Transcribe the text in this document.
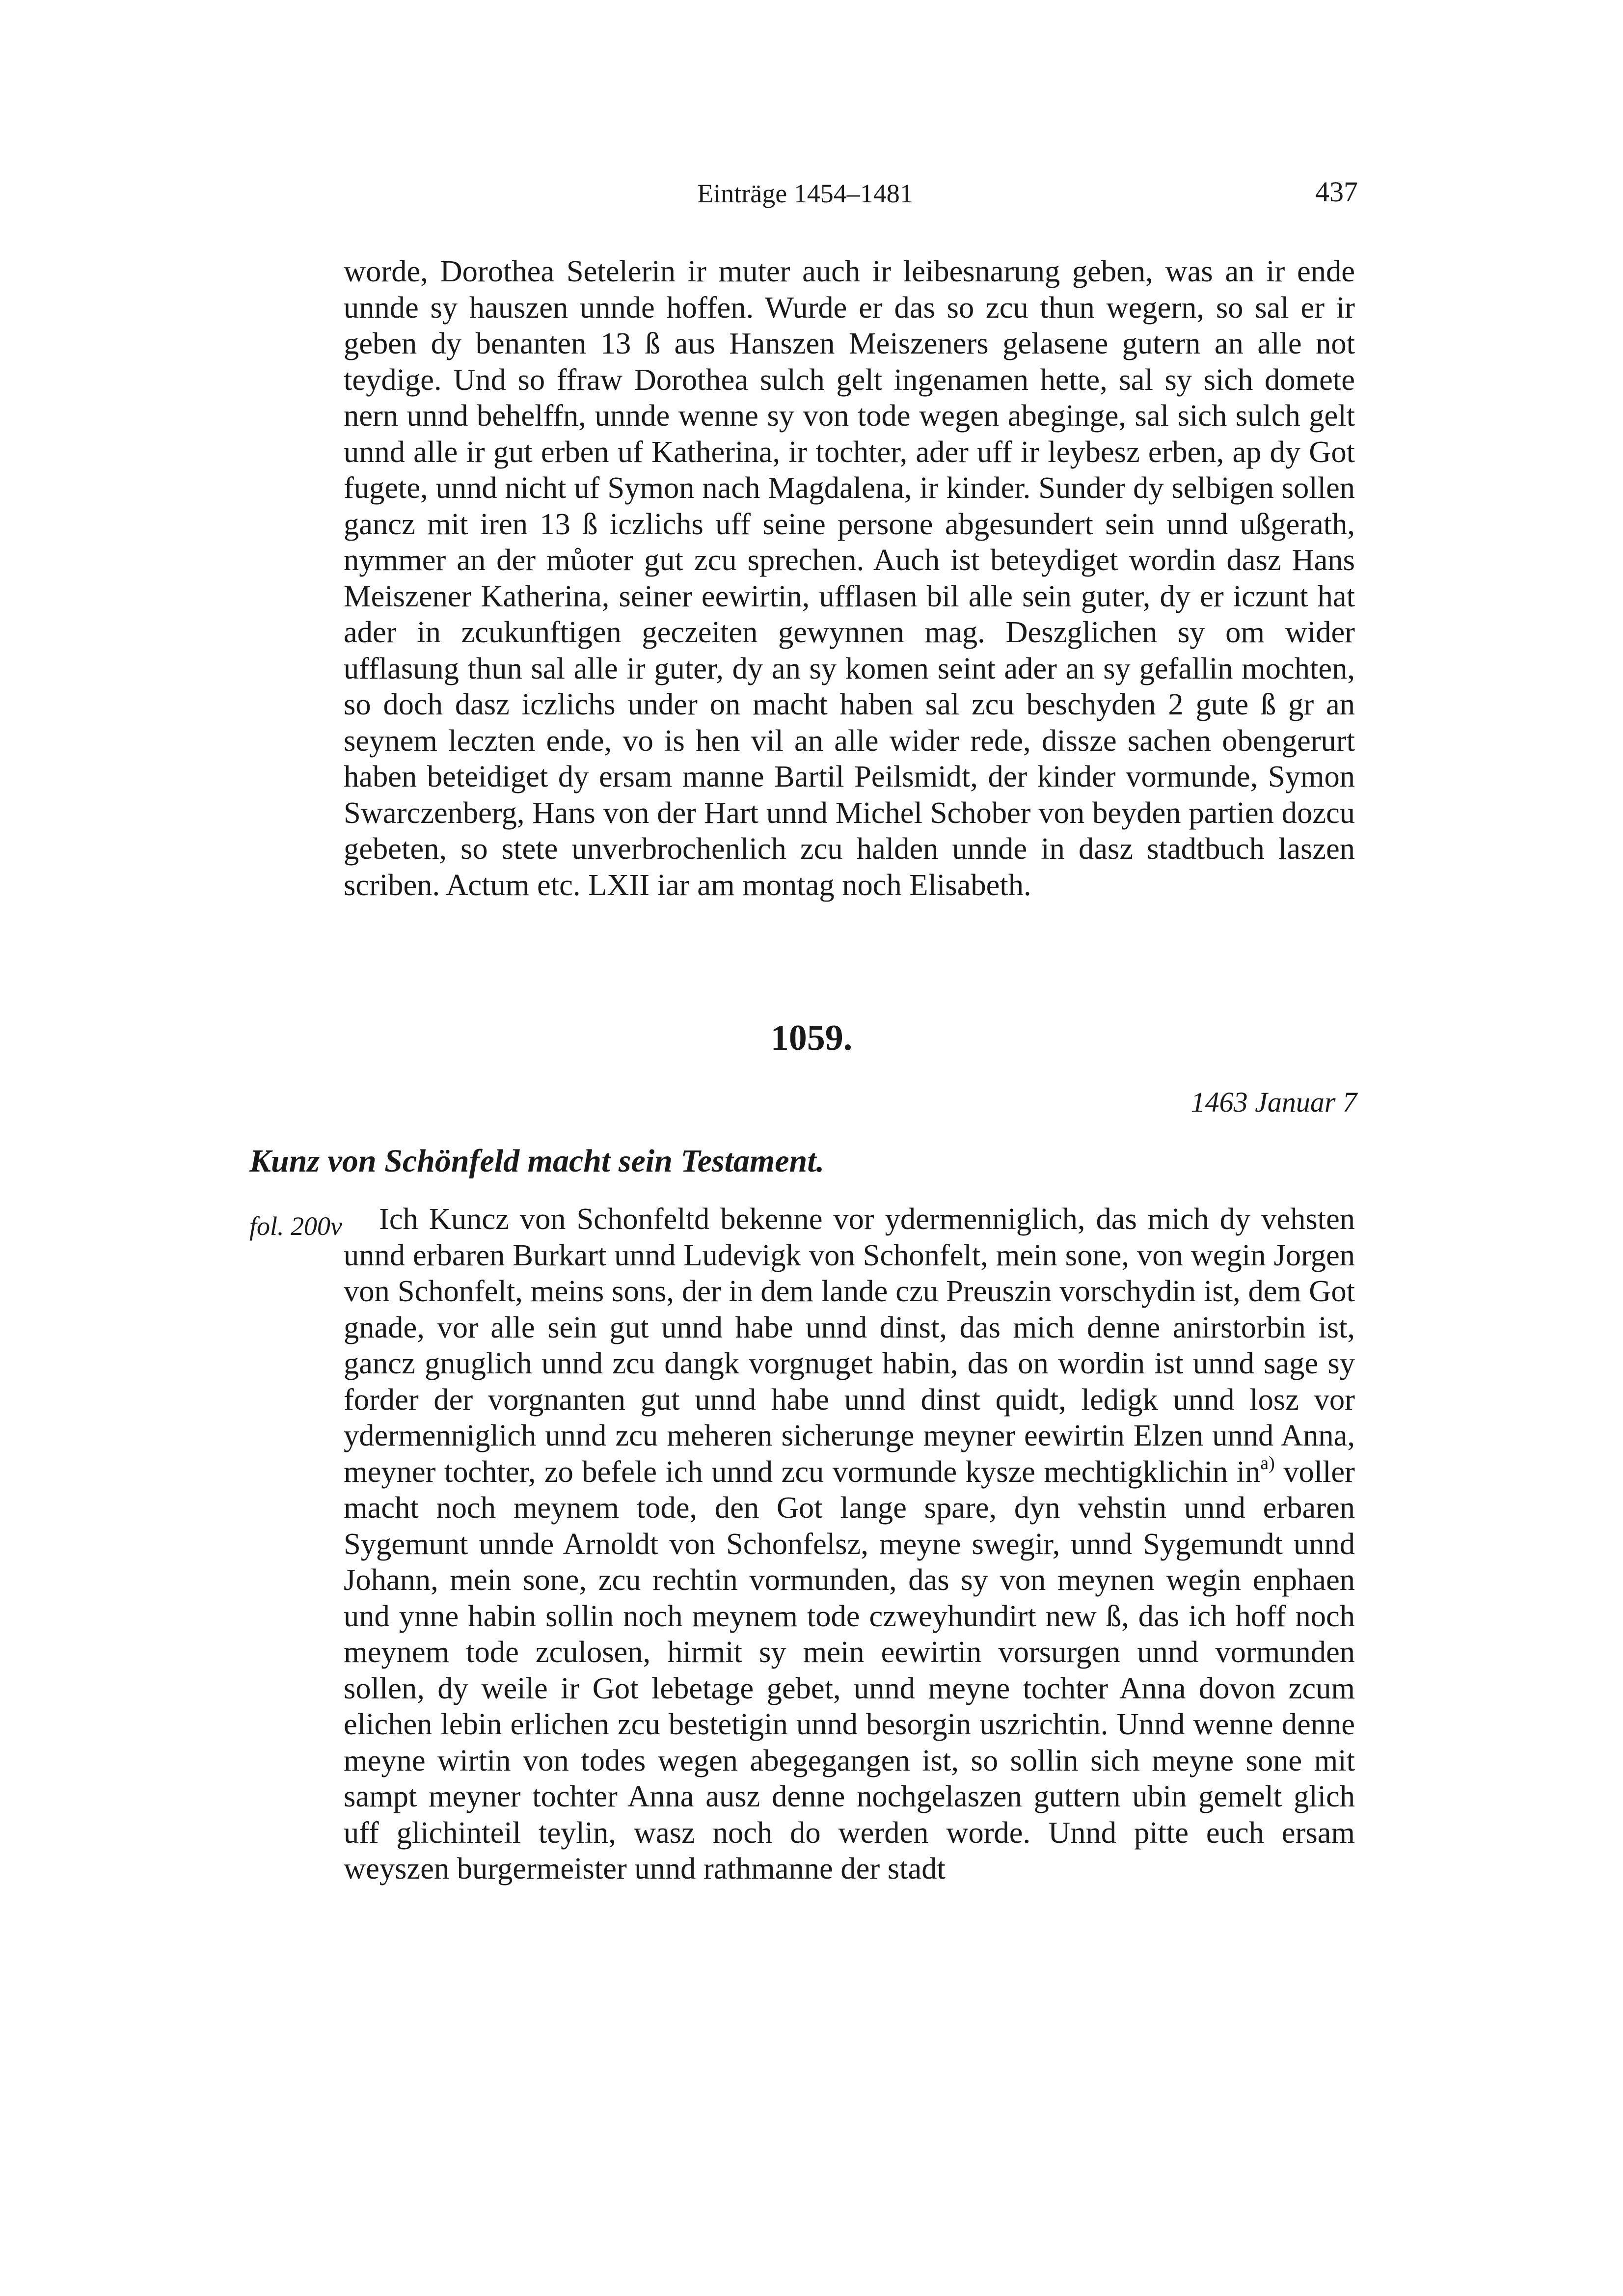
Einträge 1454–1481	437

worde, Dorothea Setelerin ir muter auch ir leibesnarung geben, was an ir ende unnde sy hauszen unnde hoffen. Wurde er das so zcu thun wegern, so sal er ir geben dy benanten 13 ß aus Hanszen Meiszeners gelasene gutern an alle not teydige. Und so ffraw Dorothea sulch gelt ingenamen hette, sal sy sich domete nern unnd behelffn, unnde wenne sy von tode wegen abeginge, sal sich sulch gelt unnd alle ir gut erben uf Katherina, ir tochter, ader uff ir leybesz erben, ap dy Got fugete, unnd nicht uf Symon nach Magdalena, ir kinder. Sunder dy selbigen sollen gancz mit iren 13 ß iczlichs uff seine persone abgesundert sein unnd ußgerath, nymmer an der můoter gut zcu sprechen. Auch ist beteydiget wordin dasz Hans Meiszener Katherina, seiner eewirtin, ufflasen bil alle sein guter, dy er iczunt hat ader in zcukunftigen geczeiten gewynnen mag. Deszglichen sy om wider ufflasung thun sal alle ir guter, dy an sy komen seint ader an sy gefallin mochten, so doch dasz iczlichs under on macht haben sal zcu beschyden 2 gute ß gr an seynem leczten ende, vo is hen vil an alle wider rede, dissze sachen obengerurt haben beteidiget dy ersam manne Bartil Peilsmidt, der kinder vormunde, Symon Swarczenberg, Hans von der Hart unnd Michel Schober von beyden partien dozcu gebeten, so stete unverbrochenlich zcu halden unnde in dasz stadtbuch laszen scriben. Actum etc. LXII iar am montag noch Elisabeth.

1059.
1463 Januar 7
Kunz von Schönfeld macht sein Testament.
fol. 200v	Ich Kuncz von Schonfeltd bekenne vor ydermenniglich, das mich dy vehsten unnd erbaren Burkart unnd Ludevigk von Schonfelt, mein sone, von wegin Jorgen von Schonfelt, meins sons, der in dem lande czu Preuszin vorschydin ist, dem Got gnade, vor alle sein gut unnd habe unnd dinst, das mich denne anirstorbin ist, gancz gnuglich unnd zcu dangk vorgnuget habin, das on wordin ist unnd sage sy forder der vorgnanten gut unnd habe unnd dinst quidt, ledigk unnd losz vor ydermenniglich unnd zcu meheren sicherunge meyner eewirtin Elzen unnd Anna, meyner tochter, zo befele ich unnd zcu vormunde kysze mechtigklichin $in^{a)}$ voller macht noch meynem tode, den Got lange spare, dyn vehstin unnd erbaren Sygemunt unnde Arnoldt von Schonfelsz, meyne swegir, unnd Sygemundt unnd Johann, mein sone, zcu rechtin vormunden, das sy von meynen wegin enphaen und ynne habin sollin noch meynem tode czweyhundirt new ß, das ich hoff noch meynem tode zculosen, hirmit sy mein eewirtin vorsurgen unnd vormunden sollen, dy weile ir Got lebetage gebet, unnd meyne tochter Anna dovon zcum elichen lebin erlichen zcu bestetigin unnd besorgin uszrichtin. Unnd wenne denne meyne wirtin von todes wegen abegegangen ist, so sollin sich meyne sone mit sampt meyner tochter Anna ausz denne nochgelaszen guttern ubin gemelt glich uff glichinteil teylin, wasz noch do werden worde. Unnd pitte euch ersam weyszen burgermeister unnd rathmanne der stadt
